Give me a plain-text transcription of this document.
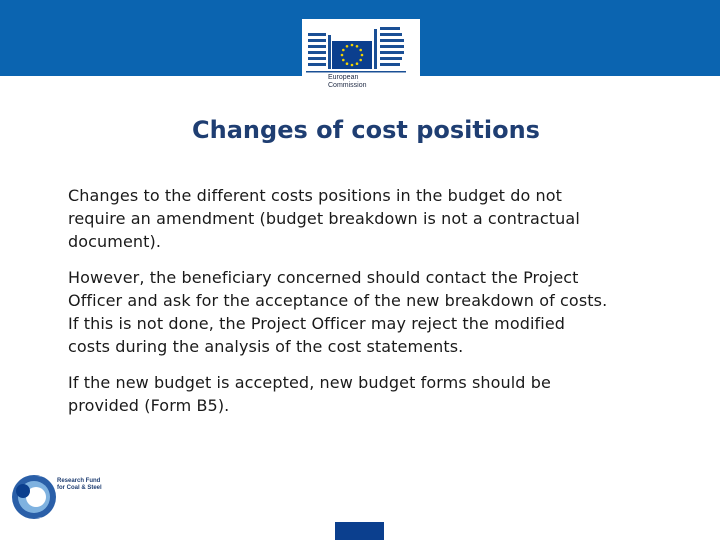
European
Commission
Changes of cost positions

Changes to the different costs positions in the budget do not
require an amendment (budget breakdown is not a contractual
document).

However, the beneficiary concerned should contact the Project
Officer and ask for the acceptance of the new breakdown of costs.
If this is not done, the Project Officer may reject the modified
costs during the analysis of the cost statements.

If the new budget is accepted, new budget forms should be
provided (Form B5).

Research Fund
for Coal & Steel
